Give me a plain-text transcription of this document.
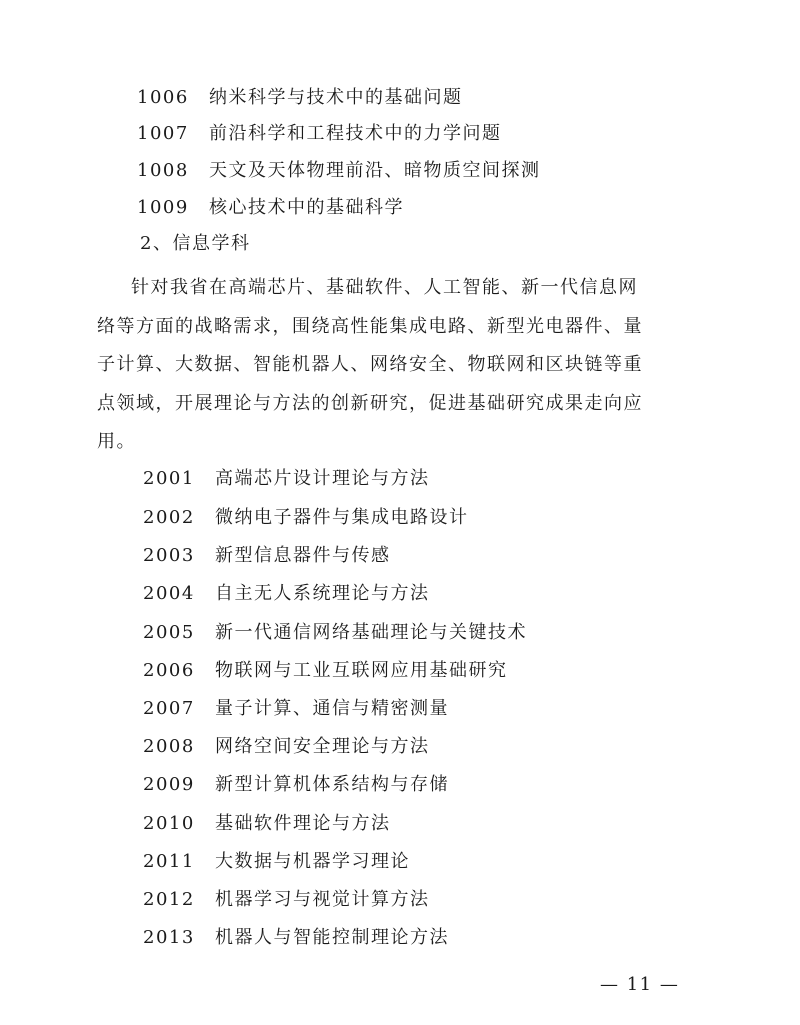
1006 纳米科学与技术中的基础问题
1007 前沿科学和工程技术中的力学问题
1008 天文及天体物理前沿、暗物质空间探测
1009 核心技术中的基础科学
2、信息学科
针对我省在高端芯片、基础软件、人工智能、新一代信息网
络等方面的战略需求，围绕高性能集成电路、新型光电器件、量
子计算、大数据、智能机器人、网络安全、物联网和区块链等重
点领域，开展理论与方法的创新研究，促进基础研究成果走向应
用。
2001 高端芯片设计理论与方法
2002 微纳电子器件与集成电路设计
2003 新型信息器件与传感
2004 自主无人系统理论与方法
2005 新一代通信网络基础理论与关键技术
2006 物联网与工业互联网应用基础研究
2007 量子计算、通信与精密测量
2008 网络空间安全理论与方法
2009 新型计算机体系结构与存储
2010 基础软件理论与方法
2011 大数据与机器学习理论
2012 机器学习与视觉计算方法
2013 机器人与智能控制理论方法
— 11 —
